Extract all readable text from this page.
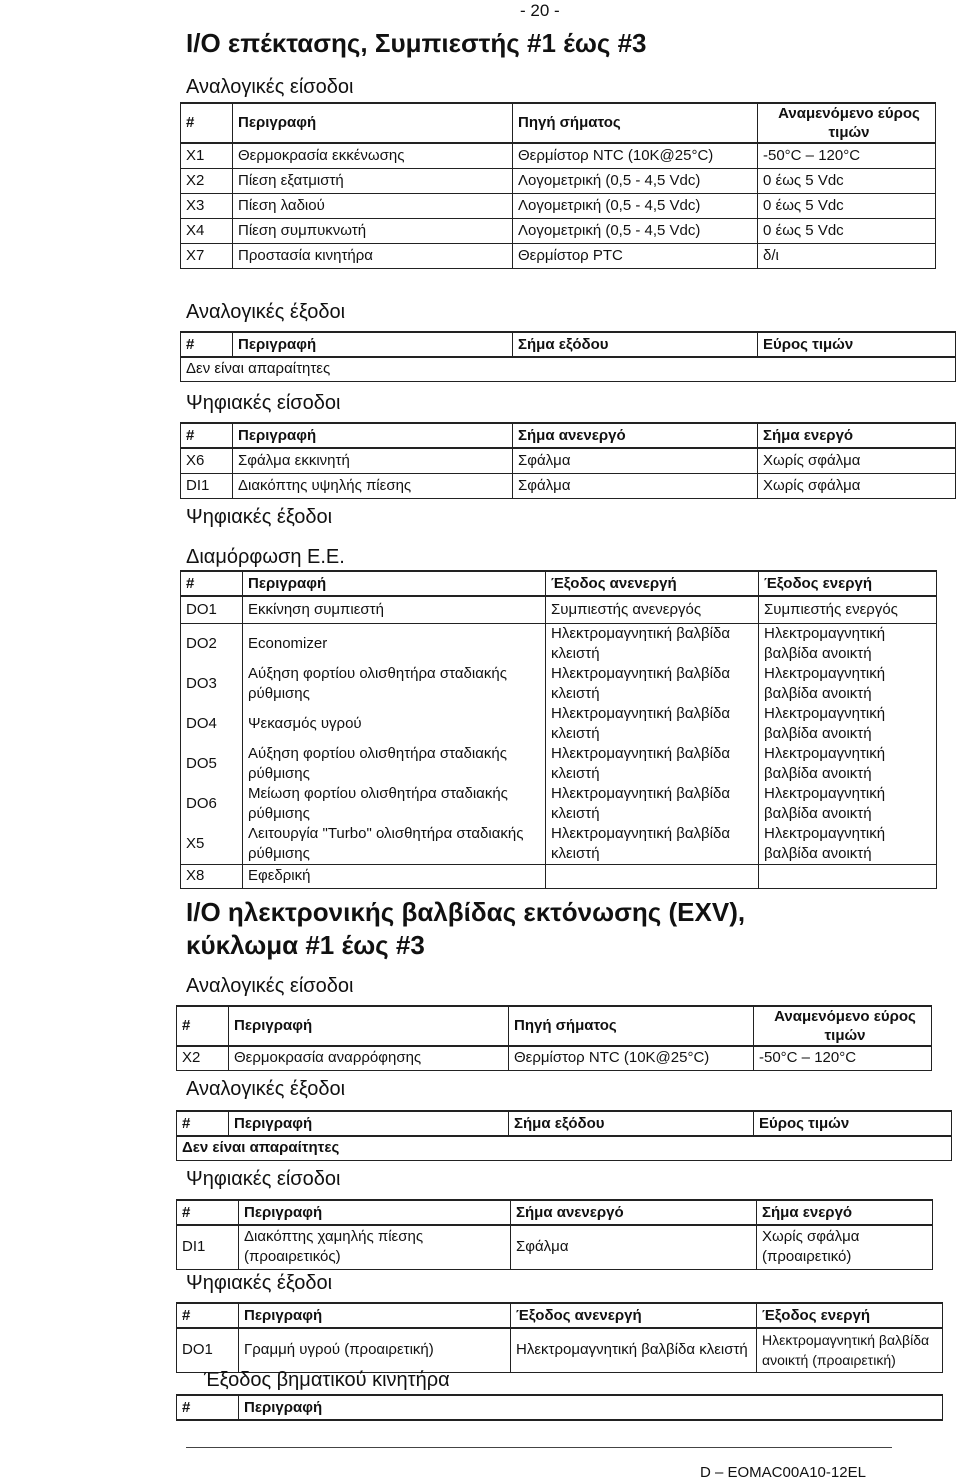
- 20 -
I/O επέκτασης, Συμπιεστής #1 έως #3
Αναλογικές είσοδοι
#	Περιγραφή	Πηγή σήματος	Αναμενόμενο εύρος τιμών
X1	Θερμοκρασία εκκένωσης	Θερμίστορ NTC (10K@25°C)	-50°C – 120°C
X2	Πίεση εξατμιστή	Λογομετρική (0,5 - 4,5 Vdc)	0 έως 5 Vdc
X3	Πίεση λαδιού	Λογομετρική (0,5 - 4,5 Vdc)	0 έως 5 Vdc
X4	Πίεση συμπυκνωτή	Λογομετρική (0,5 - 4,5 Vdc)	0 έως 5 Vdc
X7	Προστασία κινητήρα	Θερμίστορ PTC	δ/ι
Αναλογικές έξοδοι
#	Περιγραφή	Σήμα εξόδου	Εύρος τιμών
Δεν είναι απαραίτητες
Ψηφιακές είσοδοι
#	Περιγραφή	Σήμα ανενεργό	Σήμα ενεργό
X6	Σφάλμα εκκινητή	Σφάλμα	Χωρίς σφάλμα
DI1	Διακόπτης υψηλής πίεσης	Σφάλμα	Χωρίς σφάλμα
Ψηφιακές έξοδοι
Διαμόρφωση Ε.Ε.
#	Περιγραφή	Έξοδος ανενεργή	Έξοδος ενεργή
DO1	Εκκίνηση συμπιεστή	Συμπιεστής ανενεργός	Συμπιεστής ενεργός
DO2	Economizer	Ηλεκτρομαγνητική βαλβίδα κλειστή	Ηλεκτρομαγνητική βαλβίδα ανοικτή
DO3	Αύξηση φορτίου ολισθητήρα σταδιακής ρύθμισης	Ηλεκτρομαγνητική βαλβίδα κλειστή	Ηλεκτρομαγνητική βαλβίδα ανοικτή
DO4	Ψεκασμός υγρού	Ηλεκτρομαγνητική βαλβίδα κλειστή	Ηλεκτρομαγνητική βαλβίδα ανοικτή
DO5	Αύξηση φορτίου ολισθητήρα σταδιακής ρύθμισης	Ηλεκτρομαγνητική βαλβίδα κλειστή	Ηλεκτρομαγνητική βαλβίδα ανοικτή
DO6	Μείωση φορτίου ολισθητήρα σταδιακής ρύθμισης	Ηλεκτρομαγνητική βαλβίδα κλειστή	Ηλεκτρομαγνητική βαλβίδα ανοικτή
X5	Λειτουργία "Turbo" ολισθητήρα σταδιακής ρύθμισης	Ηλεκτρομαγνητική βαλβίδα κλειστή	Ηλεκτρομαγνητική βαλβίδα ανοικτή
X8	Εφεδρική		
I/O ηλεκτρονικής βαλβίδας εκτόνωσης (EXV),
κύκλωμα #1 έως #3
Αναλογικές είσοδοι
#	Περιγραφή	Πηγή σήματος	Αναμενόμενο εύρος τιμών
X2	Θερμοκρασία αναρρόφησης	Θερμίστορ NTC (10K@25°C)	-50°C – 120°C
Αναλογικές έξοδοι
#	Περιγραφή	Σήμα εξόδου	Εύρος τιμών
Δεν είναι απαραίτητες
Ψηφιακές είσοδοι
#	Περιγραφή	Σήμα ανενεργό	Σήμα ενεργό
DI1	Διακόπτης χαμηλής πίεσης (προαιρετικός)	Σφάλμα	Χωρίς σφάλμα (προαιρετικό)
Ψηφιακές έξοδοι
#	Περιγραφή	Έξοδος ανενεργή	Έξοδος ενεργή
DO1	Γραμμή υγρού (προαιρετική)	Ηλεκτρομαγνητική βαλβίδα κλειστή	Ηλεκτρομαγνητική βαλβίδα ανοικτή (προαιρετική)
Έξοδος βηματικού κινητήρα
#	Περιγραφή
D – EOMAC00A10-12EL
